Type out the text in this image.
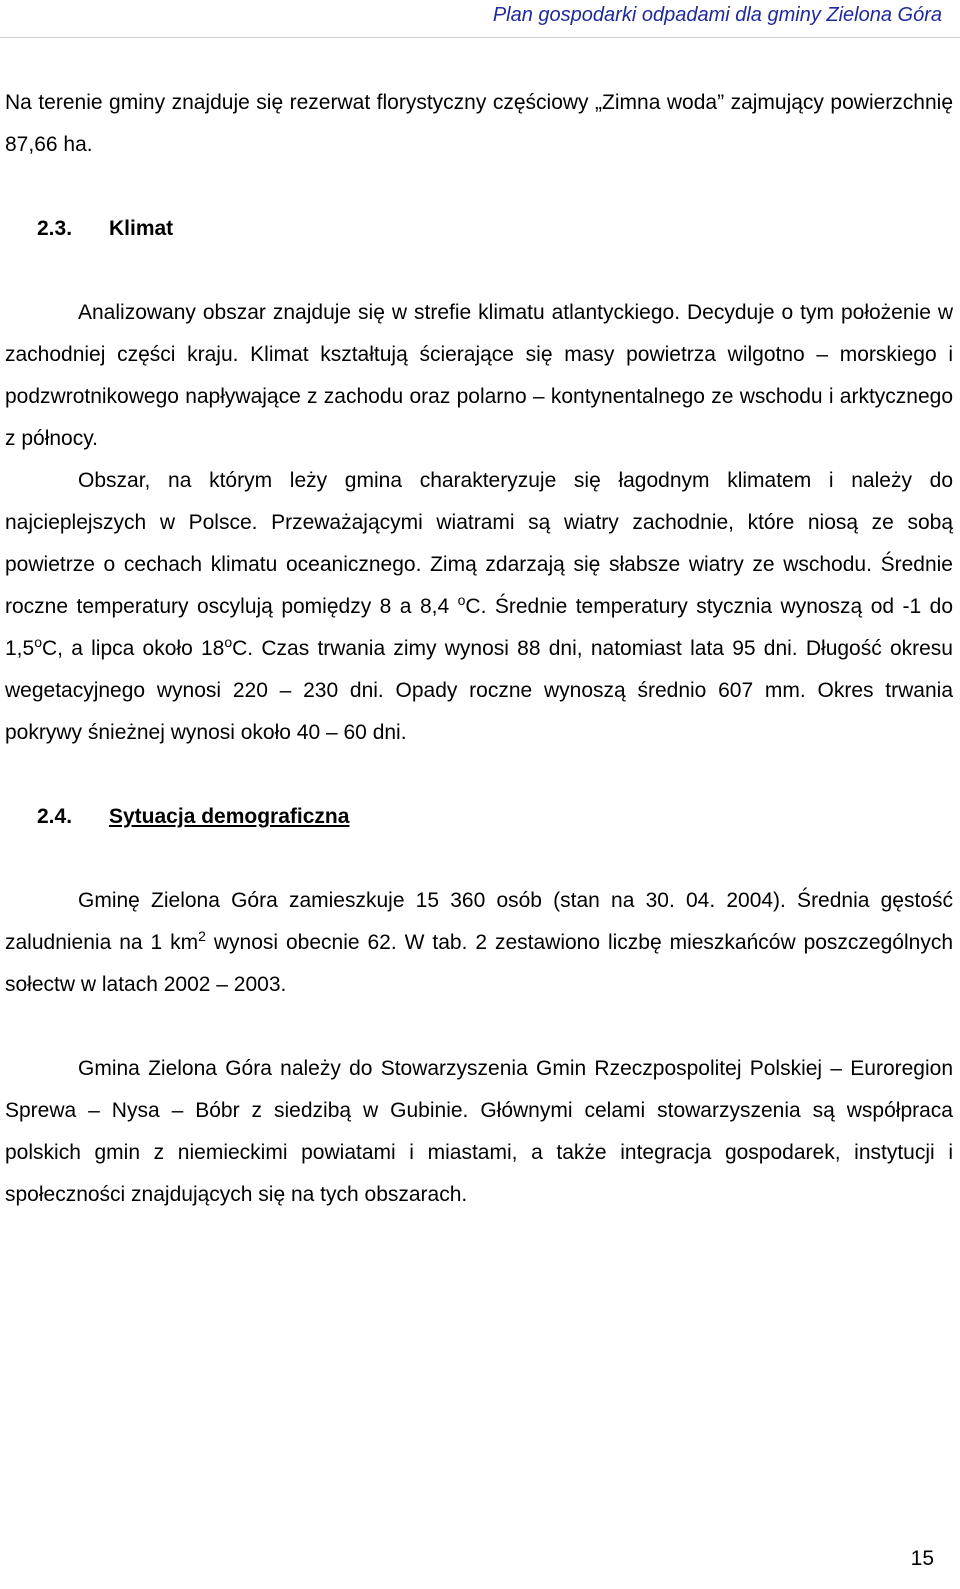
Plan gospodarki odpadami dla gminy Zielona Góra

Na terenie gminy znajduje się rezerwat florystyczny częściowy „Zimna woda” zajmujący powierzchnię 87,66 ha.

2.3. Klimat

Analizowany obszar znajduje się w strefie klimatu atlantyckiego. Decyduje o tym położenie w zachodniej części kraju. Klimat kształtują ścierające się masy powietrza wilgotno – morskiego i podzwrotnikowego napływające z zachodu oraz polarno – kontynentalnego ze wschodu i arktycznego z północy.

Obszar, na którym leży gmina charakteryzuje się łagodnym klimatem i należy do najcieplejszych w Polsce. Przeważającymi wiatrami są wiatry zachodnie, które niosą ze sobą powietrze o cechach klimatu oceanicznego. Zimą zdarzają się słabsze wiatry ze wschodu. Średnie roczne temperatury oscylują pomiędzy 8 a 8,4 $^o$C. Średnie temperatury stycznia wynoszą od -1 do 1,5$^o$C, a lipca około 18$^o$C. Czas trwania zimy wynosi 88 dni, natomiast lata 95 dni. Długość okresu wegetacyjnego wynosi 220 – 230 dni. Opady roczne wynoszą średnio 607 mm. Okres trwania pokrywy śnieżnej wynosi około 40 – 60 dni.

2.4. Sytuacja demograficzna

Gminę Zielona Góra zamieszkuje 15 360 osób (stan na 30. 04. 2004). Średnia gęstość zaludnienia na 1 $km^2$ wynosi obecnie 62. W tab. 2 zestawiono liczbę mieszkańców poszczególnych sołectw w latach 2002 – 2003.

Gmina Zielona Góra należy do Stowarzyszenia Gmin Rzeczpospolitej Polskiej – Euroregion Sprewa – Nysa – Bóbr z siedzibą w Gubinie. Głównymi celami stowarzyszenia są współpraca polskich gmin z niemieckimi powiatami i miastami, a także integracja gospodarek, instytucji i społeczności znajdujących się na tych obszarach.

15
